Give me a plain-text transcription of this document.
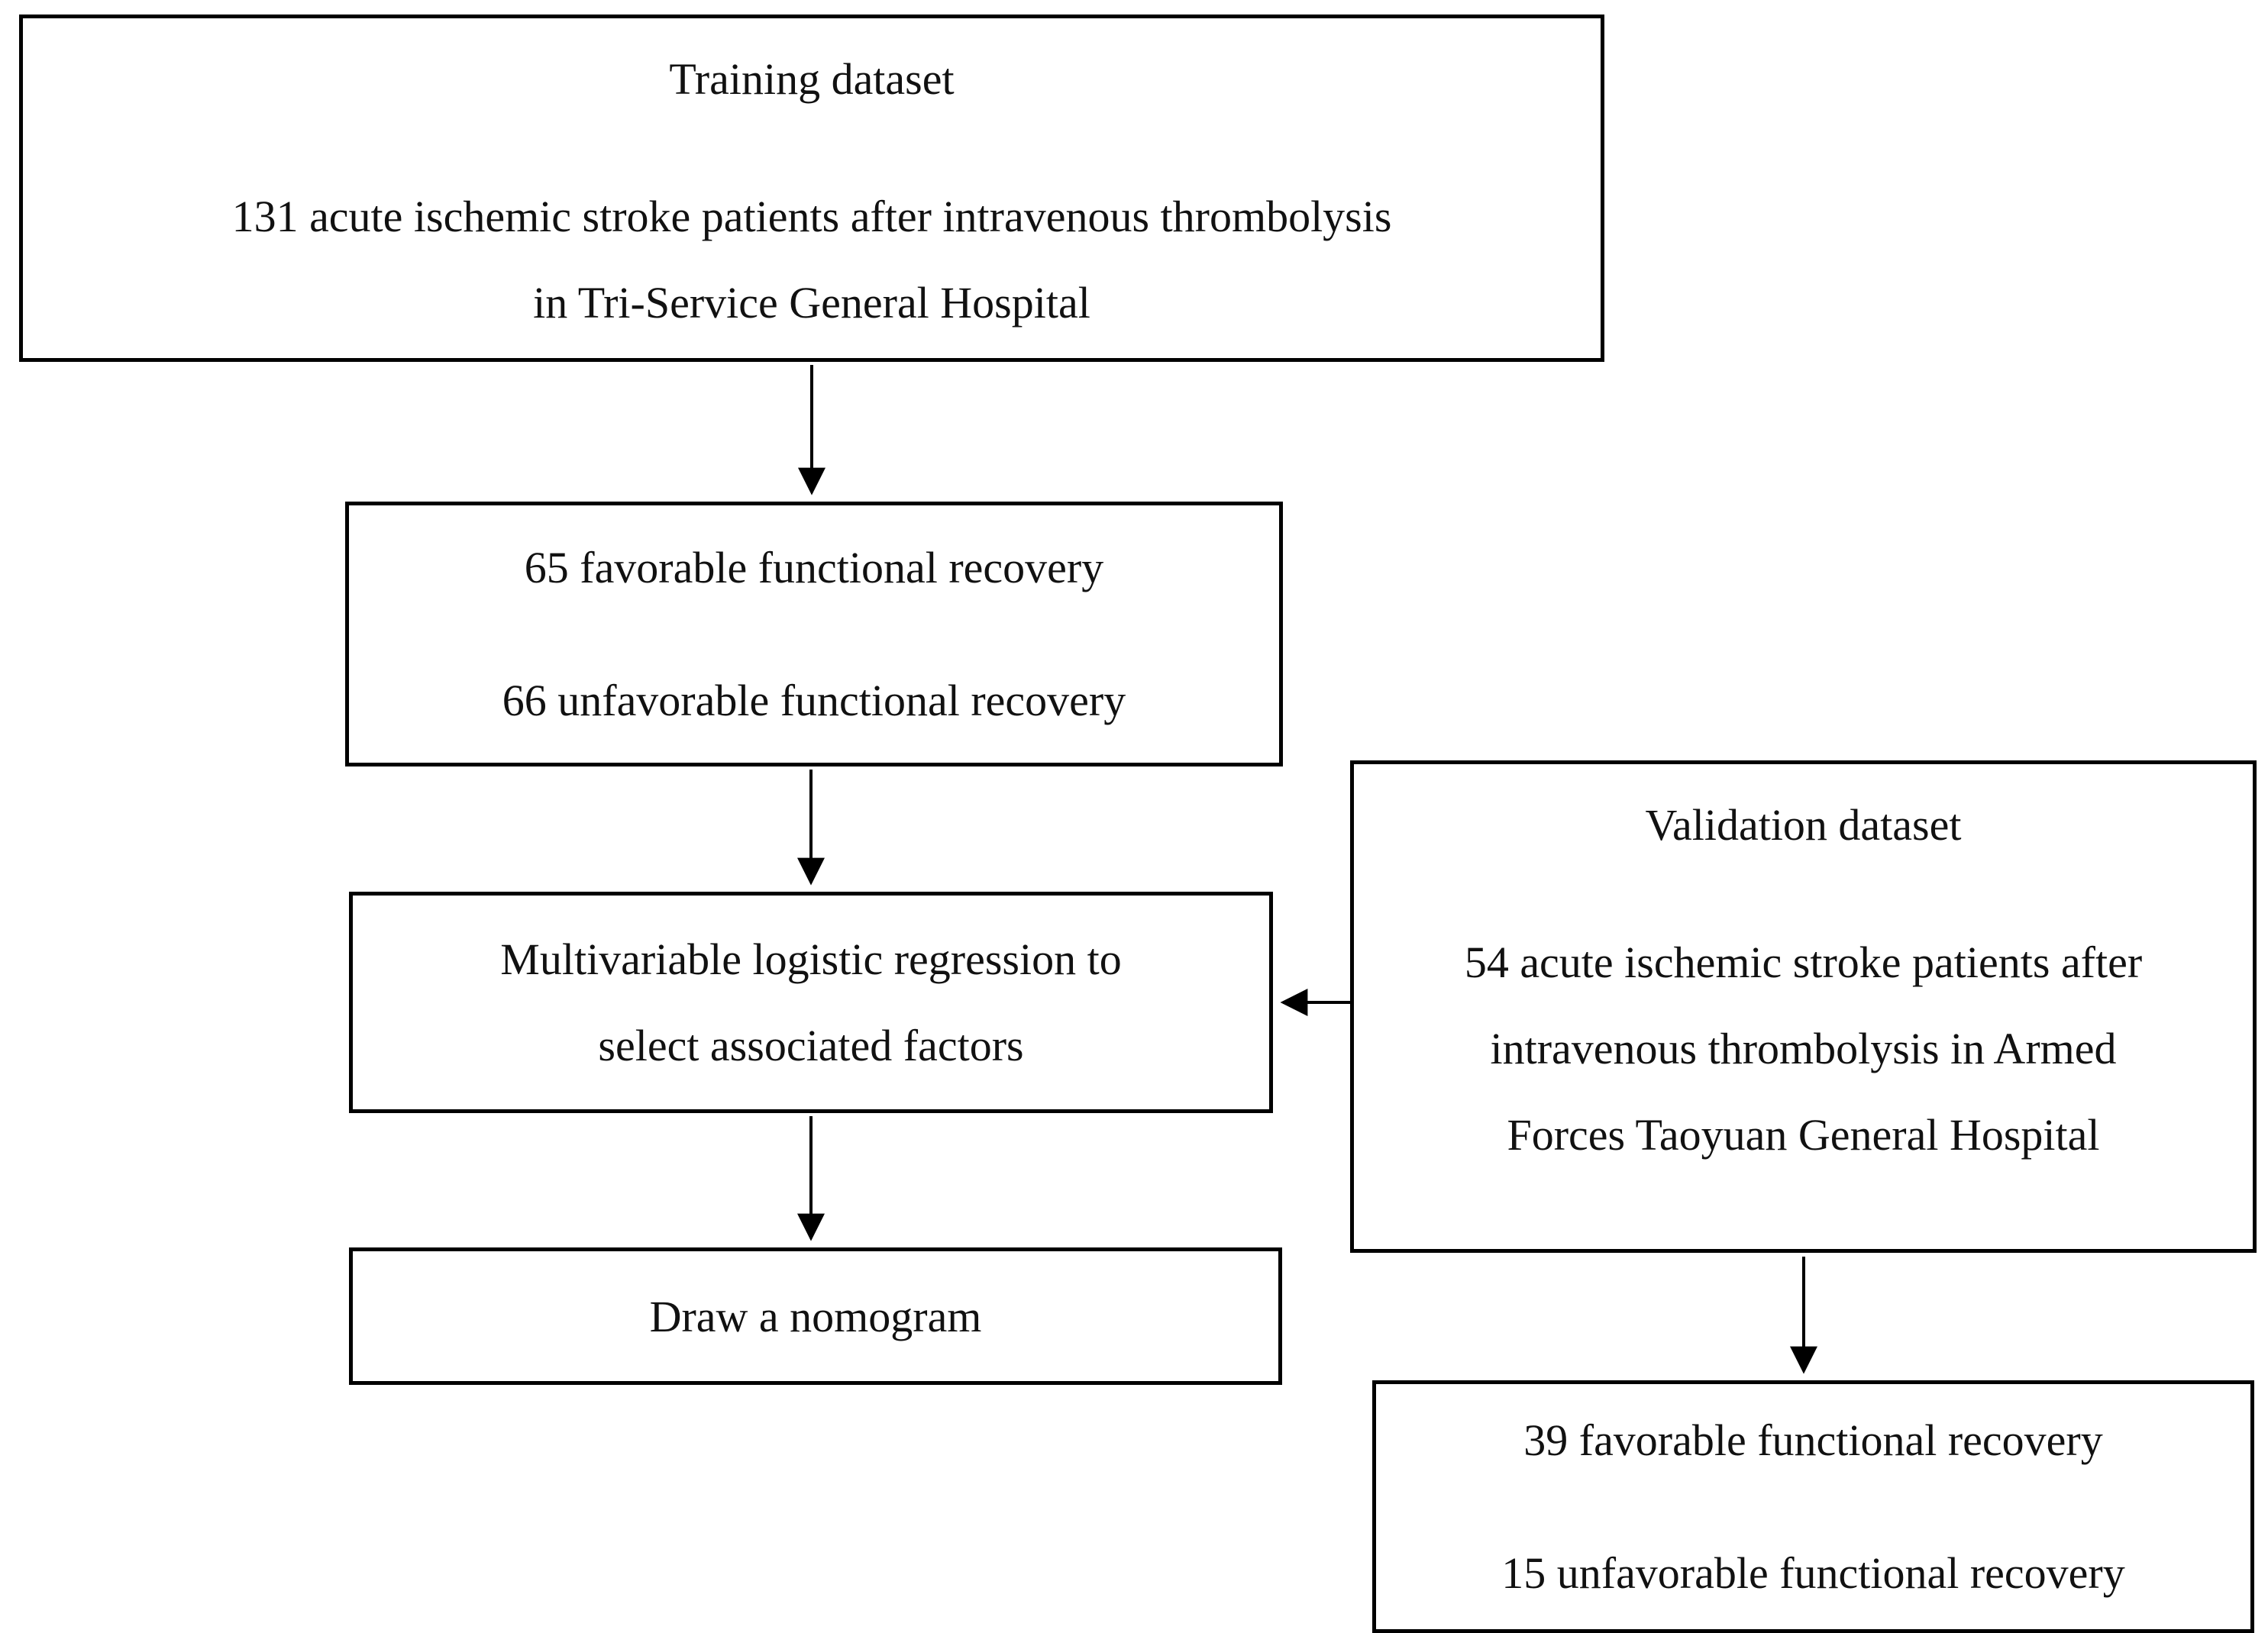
Training dataset
131 acute ischemic stroke patients after intravenous thrombolysis
in Tri-Service General Hospital
65 favorable functional recovery
66 unfavorable functional recovery
Multivariable logistic regression to
select associated factors
Draw a nomogram
Validation dataset
54 acute ischemic stroke patients after
intravenous thrombolysis in Armed
Forces Taoyuan General Hospital
39 favorable functional recovery
15 unfavorable functional recovery
